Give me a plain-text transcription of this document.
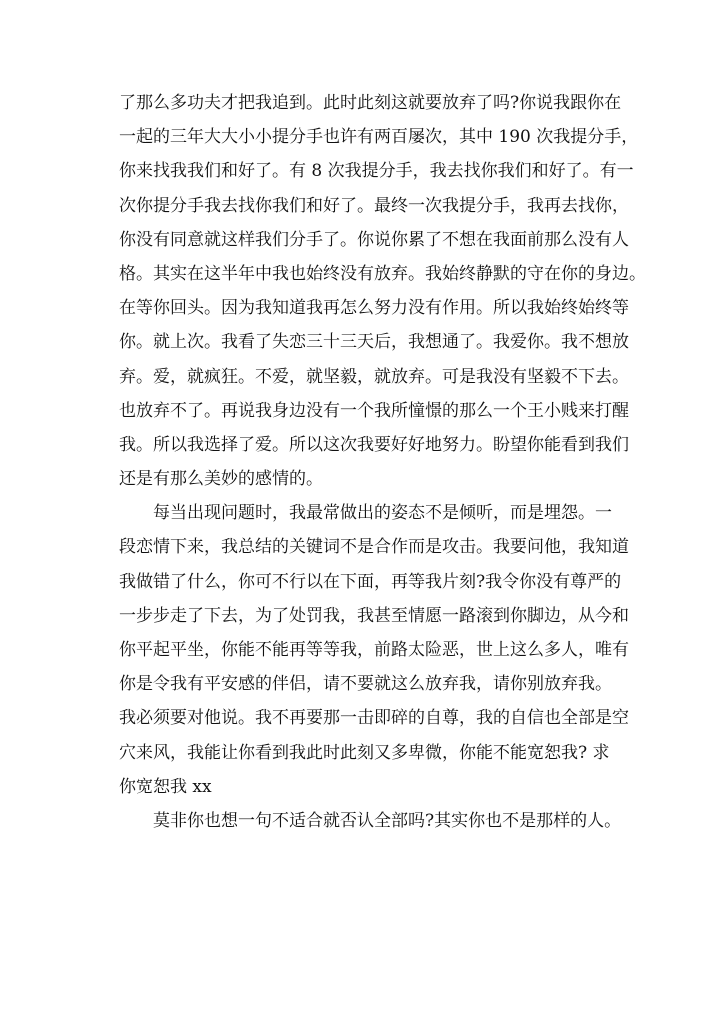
了那么多功夫才把我追到。此时此刻这就要放弃了吗?你说我跟你在
一起的三年大大小小提分手也许有两百屡次，其中 190 次我提分手，
你来找我我们和好了。有 8 次我提分手，我去找你我们和好了。有一
次你提分手我去找你我们和好了。最终一次我提分手，我再去找你，
你没有同意就这样我们分手了。你说你累了不想在我面前那么没有人
格。其实在这半年中我也始终没有放弃。我始终静默的守在你的身边。
在等你回头。因为我知道我再怎么努力没有作用。所以我始终始终等
你。就上次。我看了失恋三十三天后，我想通了。我爱你。我不想放
弃。爱，就疯狂。不爱，就坚毅，就放弃。可是我没有坚毅不下去。
也放弃不了。再说我身边没有一个我所憧憬的那么一个王小贱来打醒
我。所以我选择了爱。所以这次我要好好地努力。盼望你能看到我们
还是有那么美妙的感情的。
每当出现问题时，我最常做出的姿态不是倾听，而是埋怨。一
段恋情下来，我总结的关键词不是合作而是攻击。我要问他，我知道
我做错了什么，你可不行以在下面，再等我片刻?我令你没有尊严的
一步步走了下去，为了处罚我，我甚至情愿一路滚到你脚边，从今和
你平起平坐，你能不能再等等我，前路太险恶，世上这么多人，唯有
你是令我有平安感的伴侣，请不要就这么放弃我，请你别放弃我。
我必须要对他说。我不再要那一击即碎的自尊，我的自信也全部是空
穴来风，我能让你看到我此时此刻又多卑微，你能不能宽恕我? 求
你宽恕我 xx
莫非你也想一句不适合就否认全部吗?其实你也不是那样的人。
